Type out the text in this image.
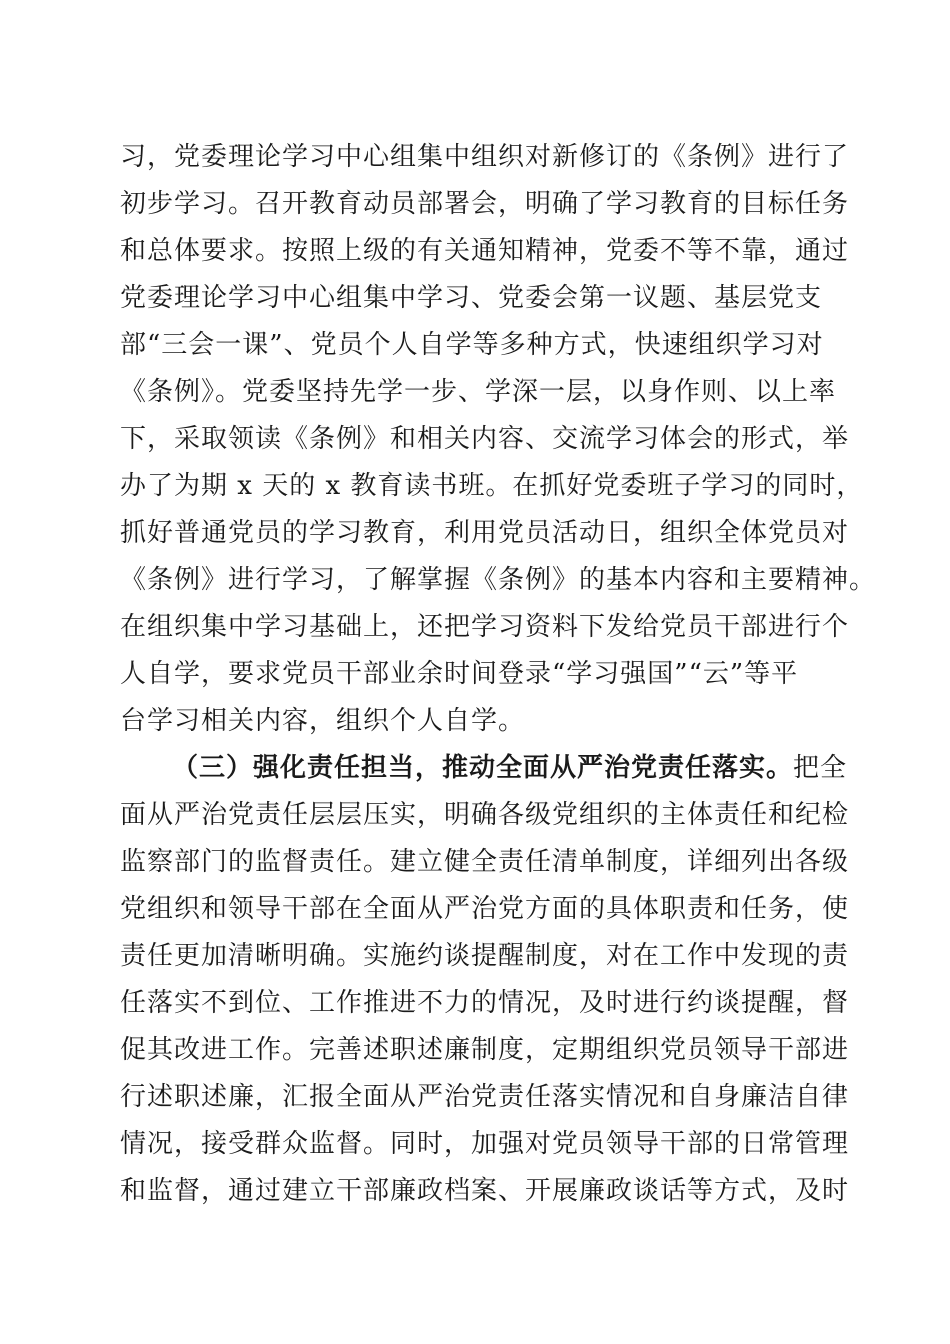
习，党委理论学习中心组集中组织对新修订的《条例》进行了
初步学习。召开教育动员部署会，明确了学习教育的目标任务
和总体要求。按照上级的有关通知精神，党委不等不靠，通过
党委理论学习中心组集中学习、党委会第一议题、基层党支
部“三会一课”、党员个人自学等多种方式，快速组织学习对
《条例》。党委坚持先学一步、学深一层，以身作则、以上率
下，采取领读《条例》和相关内容、交流学习体会的形式，举
办了为期 x 天的 x 教育读书班。在抓好党委班子学习的同时，
抓好普通党员的学习教育，利用党员活动日，组织全体党员对
《条例》进行学习，了解掌握《条例》的基本内容和主要精神。
在组织集中学习基础上，还把学习资料下发给党员干部进行个
人自学，要求党员干部业余时间登录“学习强国”“云”等平
台学习相关内容，组织个人自学。
（三）强化责任担当，推动全面从严治党责任落实。把全
面从严治党责任层层压实，明确各级党组织的主体责任和纪检
监察部门的监督责任。建立健全责任清单制度，详细列出各级
党组织和领导干部在全面从严治党方面的具体职责和任务，使
责任更加清晰明确。实施约谈提醒制度，对在工作中发现的责
任落实不到位、工作推进不力的情况，及时进行约谈提醒，督
促其改进工作。完善述职述廉制度，定期组织党员领导干部进
行述职述廉，汇报全面从严治党责任落实情况和自身廉洁自律
情况，接受群众监督。同时，加强对党员领导干部的日常管理
和监督，通过建立干部廉政档案、开展廉政谈话等方式，及时
